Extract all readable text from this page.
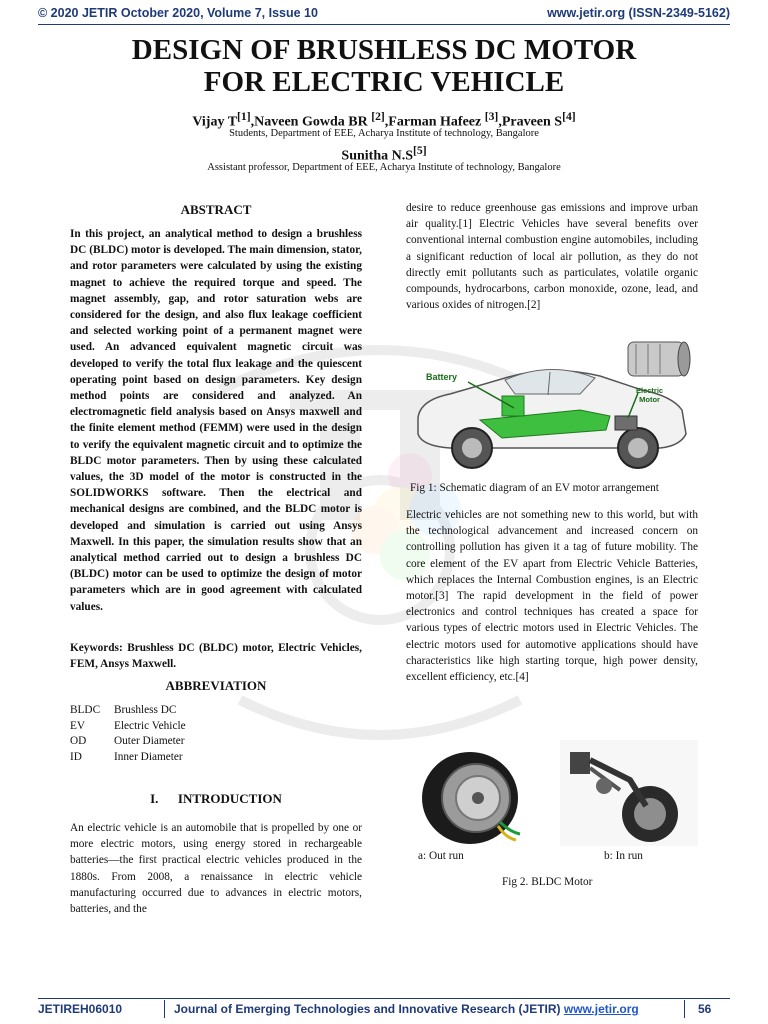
© 2020 JETIR October 2020, Volume 7, Issue 10	www.jetir.org (ISSN-2349-5162)
DESIGN OF BRUSHLESS DC MOTOR
FOR ELECTRIC VEHICLE
Vijay T[1],Naveen Gowda BR [2],Farman Hafeez [3],Praveen S[4]
Students, Department of EEE, Acharya Institute of technology, Bangalore
Sunitha N.S[5]
Assistant professor, Department of EEE, Acharya Institute of technology, Bangalore
ABSTRACT
In this project, an analytical method to design a brushless DC (BLDC) motor is developed. The main dimension, stator, and rotor parameters were calculated by using the existing magnet to achieve the required torque and speed. The magnet assembly, gap, and rotor saturation webs are considered for the design, and also flux leakage coefficient and selected working point of a permanent magnet were used. An advanced equivalent magnetic circuit was developed to verify the total flux leakage and the quiescent operating point based on design parameters. Key design method points are considered and analyzed. An electromagnetic field analysis based on Ansys maxwell and the finite element method (FEMM) were used in the design to verify the equivalent magnetic circuit and to optimize the BLDC motor parameters. Then by using these calculated values, the 3D model of the motor is constructed in the SOLIDWORKS software. Then the electrical and mechanical designs are combined, and the BLDC motor is developed and simulation is carried out using Ansys Maxwell. In this paper, the simulation results show that an analytical method carried out to design a brushless DC (BLDC) motor can be used to optimize the design of motor parameters which are in good agreement with calculated values.
Keywords: Brushless DC (BLDC) motor, Electric Vehicles, FEM, Ansys Maxwell.
ABBREVIATION
BLDC Brushless DC
EV	Electric Vehicle
OD Outer Diameter
ID	Inner Diameter
I. INTRODUCTION
An electric vehicle is an automobile that is propelled by one or more electric motors, using energy stored in rechargeable batteries—the first practical electric vehicles produced in the 1880s. From 2008, a renaissance in electric vehicle manufacturing occurred due to advances in electric motors, batteries, and the
desire to reduce greenhouse gas emissions and improve urban air quality.[1] Electric Vehicles have several benefits over conventional internal combustion engine automobiles, including a significant reduction of local air pollution, as they do not directly emit pollutants such as particulates, volatile organic compounds, hydrocarbons, carbon monoxide, ozone, lead, and various oxides of nitrogen.[2]
Battery
Electric
Motor
Fig 1: Schematic diagram of an EV motor arrangement
Electric vehicles are not something new to this world, but with the technological advancement and increased concern on controlling pollution has given it a tag of future mobility. The core element of the EV apart from Electric Vehicle Batteries, which replaces the Internal Combustion engines, is an Electric motor.[3] The rapid development in the field of power electronics and control techniques has created a space for various types of electric motors used in Electric Vehicles. The electric motors used for automotive applications should have characteristics like high starting torque, high power density, excellent efficiency, etc.[4]
a: Out run	b: In run
Fig 2. BLDC Motor
JETIREH06010	Journal of Emerging Technologies and Innovative Research (JETIR) www.jetir.org	56
